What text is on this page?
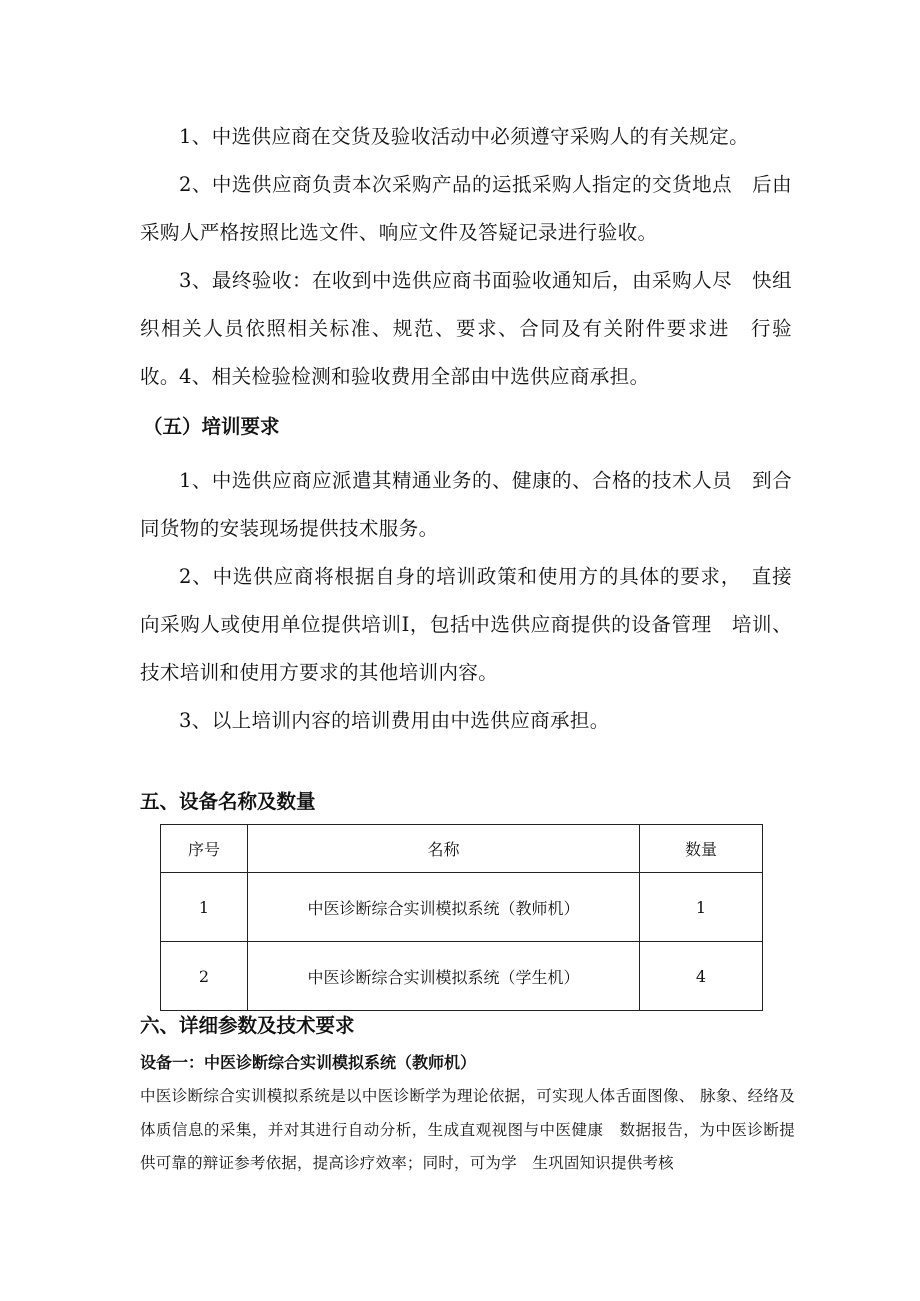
1、中选供应商在交货及验收活动中必须遵守采购人的有关规定。

2、中选供应商负责本次采购产品的运抵采购人指定的交货地点　后由采购人严格按照比选文件、响应文件及答疑记录进行验收。

3、最终验收：在收到中选供应商书面验收通知后，由采购人尽　快组织相关人员依照相关标准、规范、要求、合同及有关附件要求进　行验收。 4、相关检验检测和验收费用全部由中选供应商承担。

（五）培训要求

1、中选供应商应派遣其精通业务的、健康的、合格的技术人员　到合同货物的安装现场提供技术服务。

2、中选供应商将根据自身的培训政策和使用方的具体的要求，　直接向采购人或使用单位提供培训I，包括中选供应商提供的设备管理　培训、技术培训和使用方要求的其他培训内容。

3、以上培训内容的培训费用由中选供应商承担。

五、设备名称及数量
序号	名称	数量
1	中医诊断综合实训模拟系统（教师机）	1
2	中医诊断综合实训模拟系统（学生机）	4
六、详细参数及技术要求
设备一：中医诊断综合实训模拟系统（教师机）

中医诊断综合实训模拟系统是以中医诊断学为理论依据，可实现人体舌面图像、 脉象、经络及体质信息的采集，并对其进行自动分析，生成直观视图与中医健康　数据报告，为中医诊断提供可靠的辩证参考依据，提高诊疗效率；同时，可为学　生巩固知识提供考核
